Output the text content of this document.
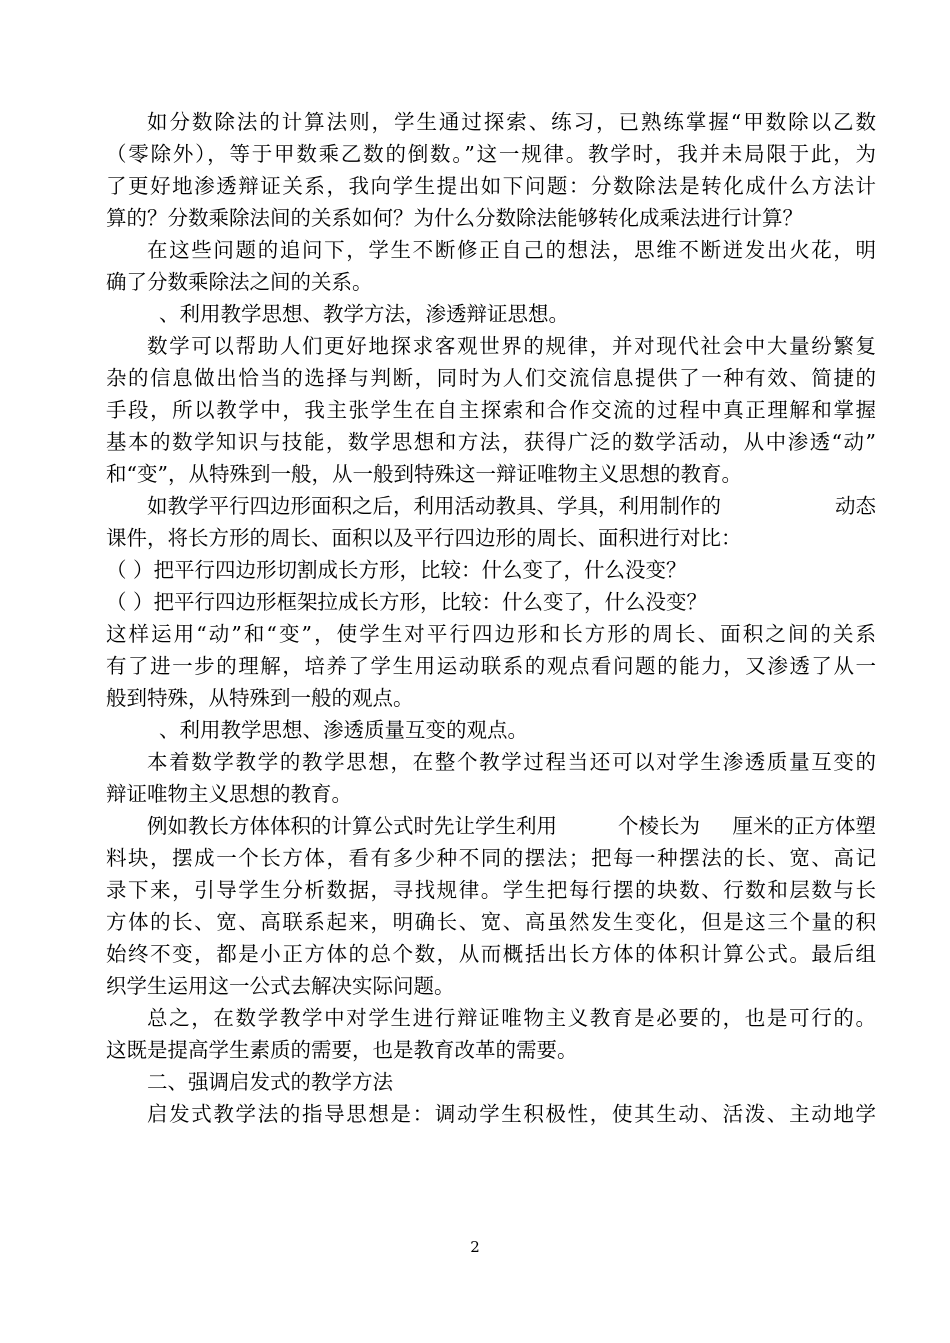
如分数除法的计算法则，学生通过探索、练习，已熟练掌握“甲数除以乙数
（零除外），等于甲数乘乙数的倒数。”这一规律。教学时，我并未局限于此，为
了更好地渗透辩证关系，我向学生提出如下问题：分数除法是转化成什么方法计
算的？分数乘除法间的关系如何？为什么分数除法能够转化成乘法进行计算？
在这些问题的追问下，学生不断修正自己的想法，思维不断迸发出火花，明
确了分数乘除法之间的关系。
、利用教学思想、教学方法，渗透辩证思想。
数学可以帮助人们更好地探求客观世界的规律，并对现代社会中大量纷繁复
杂的信息做出恰当的选择与判断，同时为人们交流信息提供了一种有效、简捷的
手段，所以教学中，我主张学生在自主探索和合作交流的过程中真正理解和掌握
基本的数学知识与技能，数学思想和方法，获得广泛的数学活动，从中渗透“动”
和“变”，从特殊到一般，从一般到特殊这一辩证唯物主义思想的教育。
如教学平行四边形面积之后，利用活动教具、学具，利用制作的	动态
课件，将长方形的周长、面积以及平行四边形的周长、面积进行对比：
（ ）把平行四边形切割成长方形，比较：什么变了，什么没变？
（ ）把平行四边形框架拉成长方形，比较：什么变了，什么没变？
这样运用“动”和“变”，使学生对平行四边形和长方形的周长、面积之间的关系
有了进一步的理解，培养了学生用运动联系的观点看问题的能力，又渗透了从一
般到特殊，从特殊到一般的观点。
、利用教学思想、渗透质量互变的观点。
本着数学教学的教学思想，在整个教学过程当还可以对学生渗透质量互变的
辩证唯物主义思想的教育。
例如教长方体体积的计算公式时先让学生利用	个棱长为 厘米的正方体塑
料块，摆成一个长方体，看有多少种不同的摆法；把每一种摆法的长、宽、高记
录下来，引导学生分析数据，寻找规律。学生把每行摆的块数、行数和层数与长
方体的长、宽、高联系起来，明确长、宽、高虽然发生变化，但是这三个量的积
始终不变，都是小正方体的总个数，从而概括出长方体的体积计算公式。最后组
织学生运用这一公式去解决实际问题。
总之，在数学教学中对学生进行辩证唯物主义教育是必要的，也是可行的。
这既是提高学生素质的需要，也是教育改革的需要。
二、强调启发式的教学方法
启发式教学法的指导思想是：调动学生积极性，使其生动、活泼、主动地学
2
